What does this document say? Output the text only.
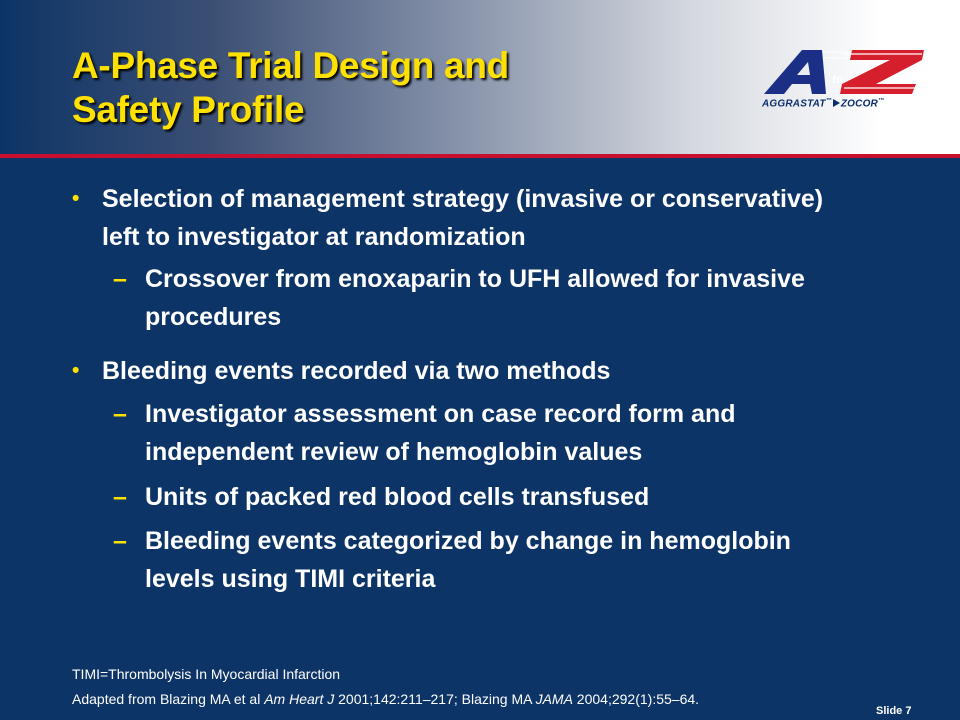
A-Phase Trial Design and
Safety Profile
to
AGGRASTAT™ ZOCOR™
• Selection of management strategy (invasive or conservative) left to investigator at randomization
– Crossover from enoxaparin to UFH allowed for invasive procedures
• Bleeding events recorded via two methods
– Investigator assessment on case record form and independent review of hemoglobin values
– Units of packed red blood cells transfused
– Bleeding events categorized by change in hemoglobin levels using TIMI criteria
TIMI=Thrombolysis In Myocardial Infarction
Adapted from Blazing MA et al Am Heart J 2001;142:211–217; Blazing MA JAMA 2004;292(1):55–64.
Slide 7
